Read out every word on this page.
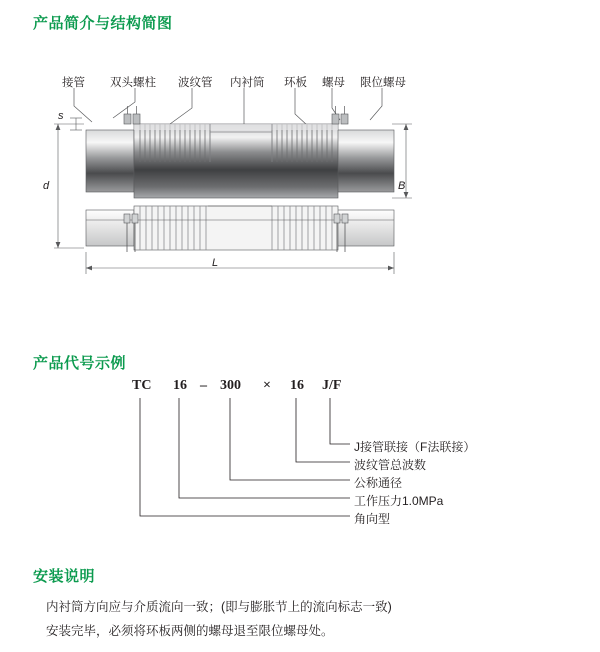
产品简介与结构简图
接管 双头螺柱 波纹管 内衬筒 环板 螺母 限位螺母
s
d	B
L
产品代号示例
TC 16 – 300 × 16 J/F
J接管联接（F法联接）
波纹管总波数
公称通径
工作压力1.0MPa
角向型
安装说明

内衬筒方向应与介质流向一致；(即与膨胀节上的流向标志一致)

安装完毕，必须将环板两侧的螺母退至限位螺母处。
